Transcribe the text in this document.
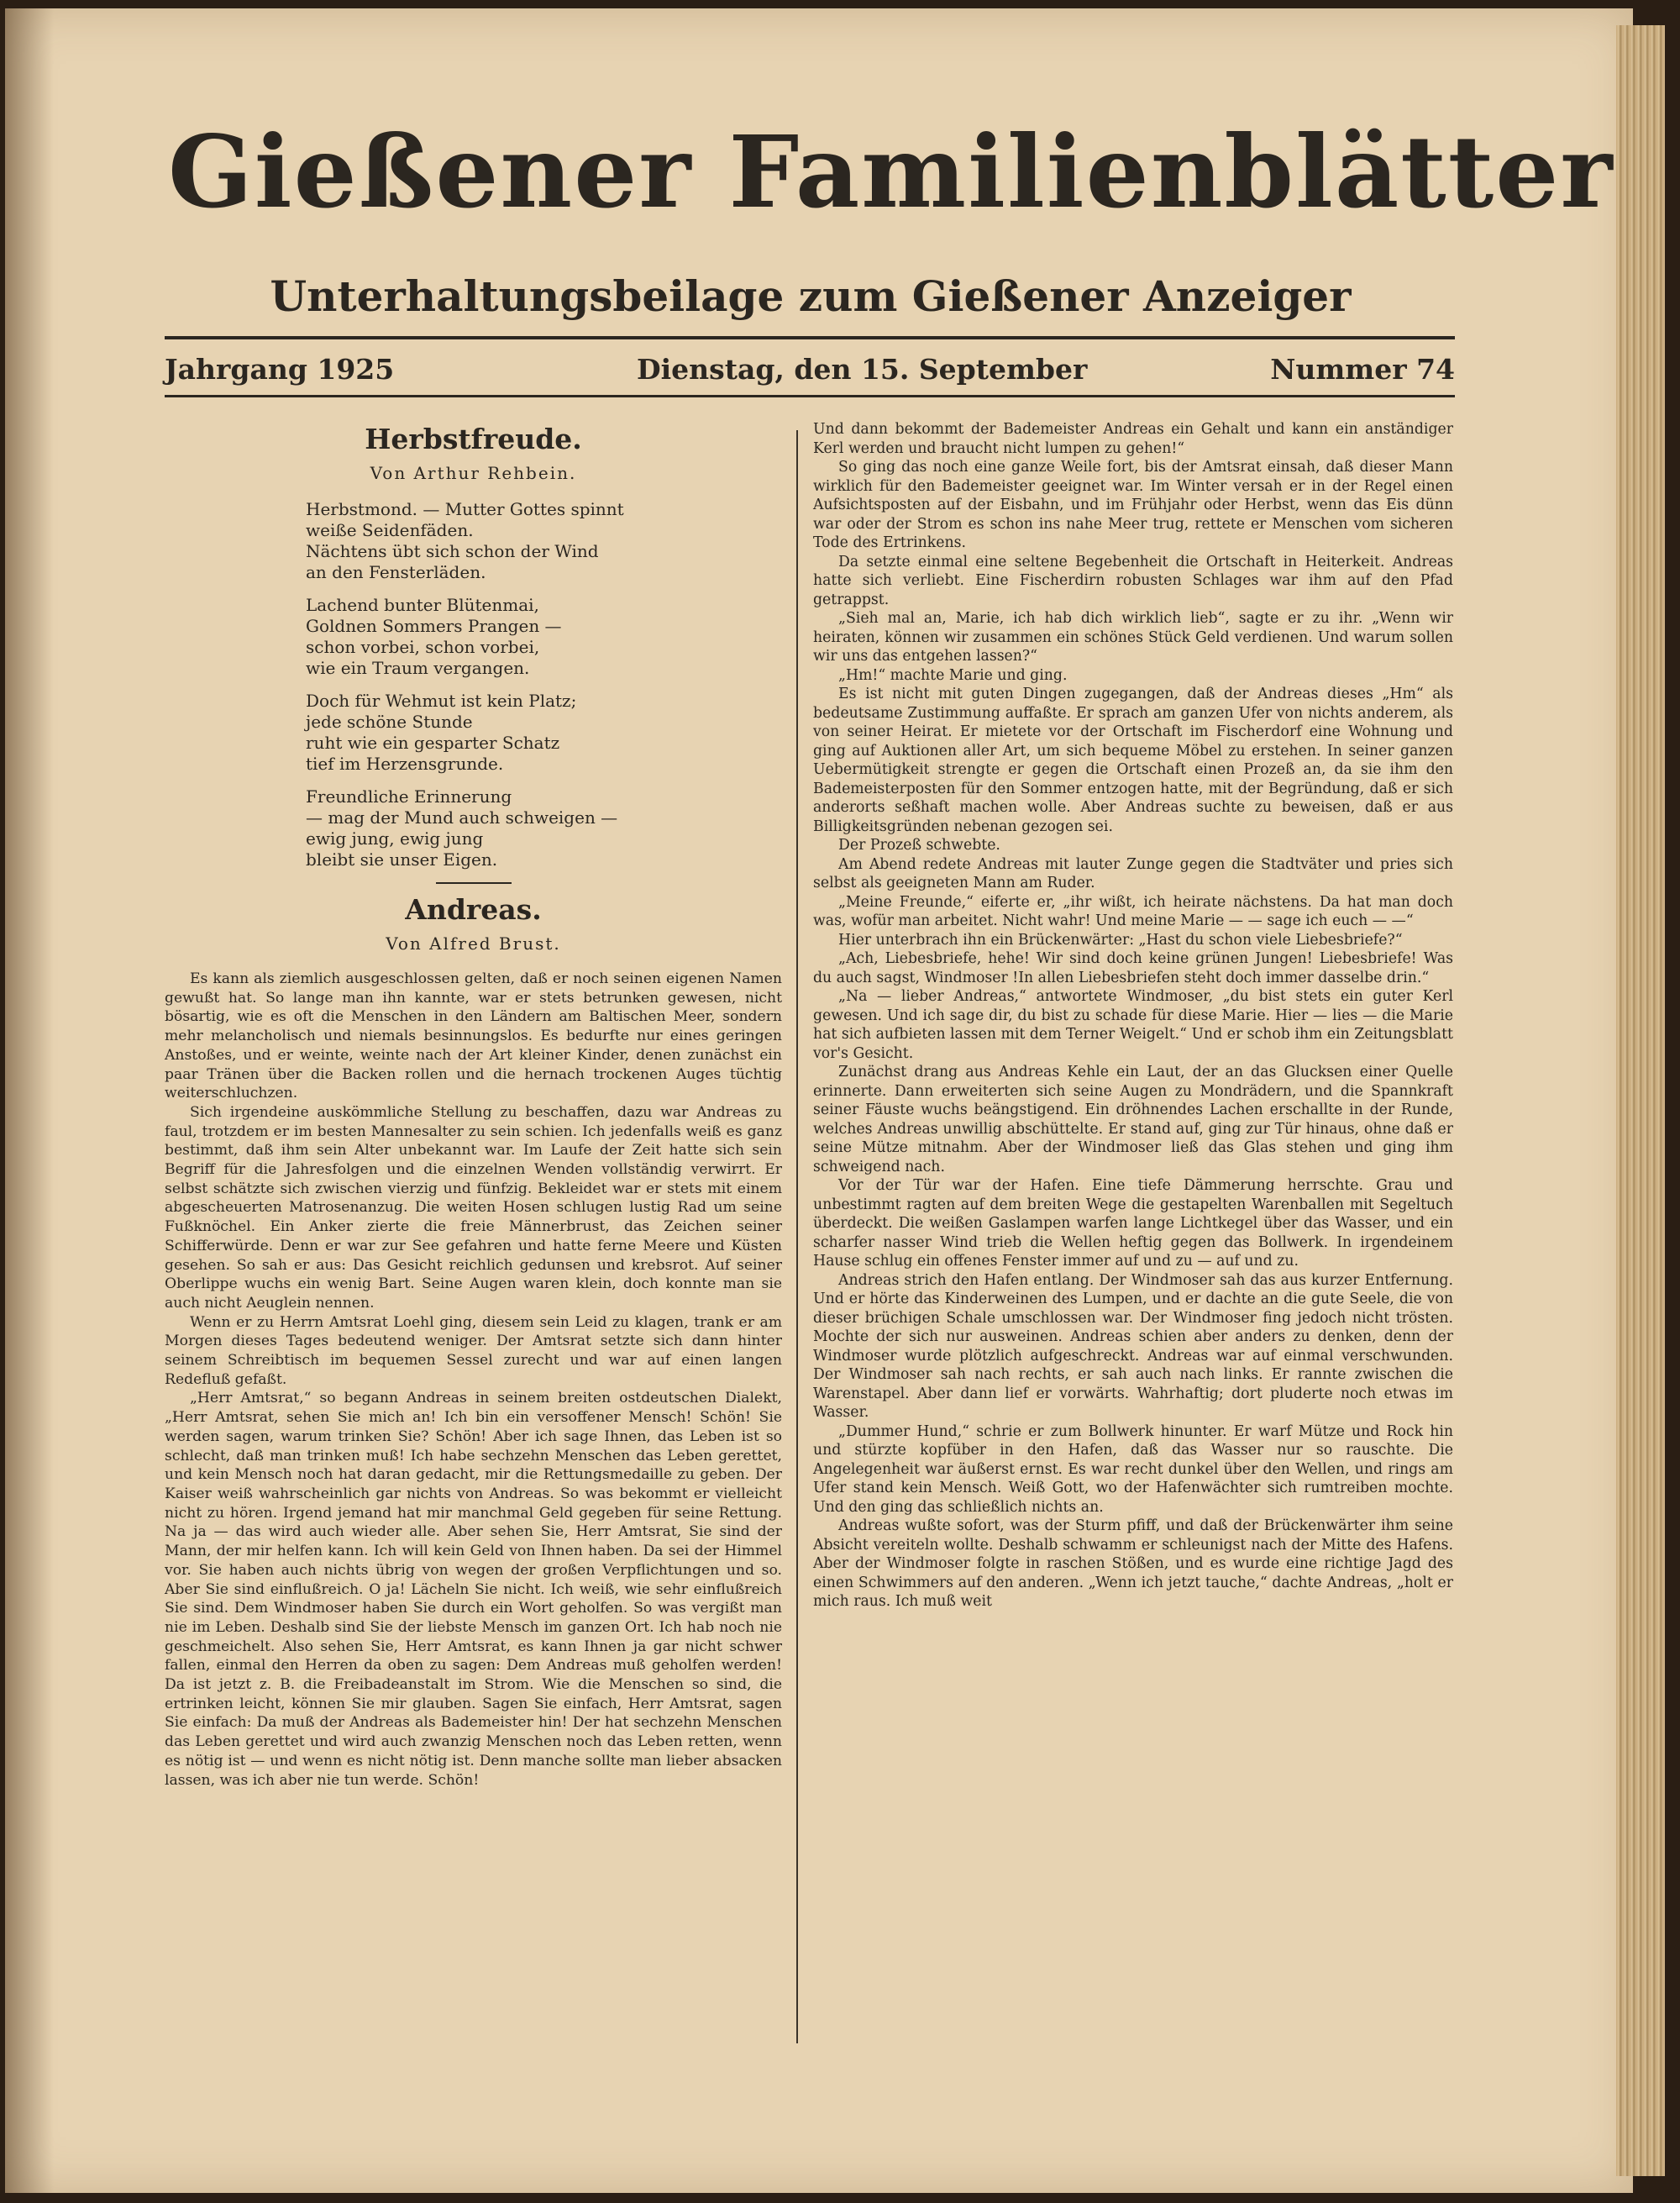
Gießener Familienblätter
Unterhaltungsbeilage zum Gießener Anzeiger
Jahrgang 1925	Dienstag, den 15. September	Nummer 74
Herbstfreude.
Von Arthur Rehbein.
Herbstmond. — Mutter Gottes spinnt
weiße Seidenfäden.
Nächtens übt sich schon der Wind
an den Fensterläden.
Lachend bunter Blütenmai,
Goldnen Sommers Prangen —
schon vorbei, schon vorbei,
wie ein Traum vergangen.
Doch für Wehmut ist kein Platz;
jede schöne Stunde
ruht wie ein gesparter Schatz
tief im Herzensgrunde.
Freundliche Erinnerung
— mag der Mund auch schweigen —
ewig jung, ewig jung
bleibt sie unser Eigen.
Andreas.
Von Alfred Brust.

Es kann als ziemlich ausgeschlossen gelten, daß er noch seinen eigenen Namen gewußt hat. So lange man ihn kannte, war er stets betrunken gewesen, nicht bösartig, wie es oft die Menschen in den Ländern am Baltischen Meer, sondern mehr melancholisch und niemals besinnungslos. Es bedurfte nur eines geringen Anstoßes, und er weinte, weinte nach der Art kleiner Kinder, denen zunächst ein paar Tränen über die Backen rollen und die hernach trockenen Auges tüchtig weiterschluchzen.

Sich irgendeine auskömmliche Stellung zu beschaffen, dazu war Andreas zu faul, trotzdem er im besten Mannesalter zu sein schien. Ich jedenfalls weiß es ganz bestimmt, daß ihm sein Alter unbekannt war. Im Laufe der Zeit hatte sich sein Begriff für die Jahresfolgen und die einzelnen Wenden vollständig verwirrt. Er selbst schätzte sich zwischen vierzig und fünfzig. Bekleidet war er stets mit einem abgescheuerten Matrosenanzug. Die weiten Hosen schlugen lustig Rad um seine Fußknöchel. Ein Anker zierte die freie Männerbrust, das Zeichen seiner Schifferwürde. Denn er war zur See gefahren und hatte ferne Meere und Küsten gesehen. So sah er aus: Das Gesicht reichlich gedunsen und krebsrot. Auf seiner Oberlippe wuchs ein wenig Bart. Seine Augen waren klein, doch konnte man sie auch nicht Aeuglein nennen.

Wenn er zu Herrn Amtsrat Loehl ging, diesem sein Leid zu klagen, trank er am Morgen dieses Tages bedeutend weniger. Der Amtsrat setzte sich dann hinter seinem Schreibtisch im bequemen Sessel zurecht und war auf einen langen Redefluß gefaßt.

„Herr Amtsrat,“ so begann Andreas in seinem breiten ostdeutschen Dialekt, „Herr Amtsrat, sehen Sie mich an! Ich bin ein versoffener Mensch! Schön! Sie werden sagen, warum trinken Sie? Schön! Aber ich sage Ihnen, das Leben ist so schlecht, daß man trinken muß! Ich habe sechzehn Menschen das Leben gerettet, und kein Mensch noch hat daran gedacht, mir die Rettungsmedaille zu geben. Der Kaiser weiß wahrscheinlich gar nichts von Andreas. So was bekommt er vielleicht nicht zu hören. Irgend jemand hat mir manchmal Geld gegeben für seine Rettung. Na ja — das wird auch wieder alle. Aber sehen Sie, Herr Amtsrat, Sie sind der Mann, der mir helfen kann. Ich will kein Geld von Ihnen haben. Da sei der Himmel vor. Sie haben auch nichts übrig von wegen der großen Verpflichtungen und so. Aber Sie sind einflußreich. O ja! Lächeln Sie nicht. Ich weiß, wie sehr einflußreich Sie sind. Dem Windmoser haben Sie durch ein Wort geholfen. So was vergißt man nie im Leben. Deshalb sind Sie der liebste Mensch im ganzen Ort. Ich hab noch nie geschmeichelt. Also sehen Sie, Herr Amtsrat, es kann Ihnen ja gar nicht schwer fallen, einmal den Herren da oben zu sagen: Dem Andreas muß geholfen werden! Da ist jetzt z. B. die Freibadeanstalt im Strom. Wie die Menschen so sind, die ertrinken leicht, können Sie mir glauben. Sagen Sie einfach, Herr Amtsrat, sagen Sie einfach: Da muß der Andreas als Bademeister hin! Der hat sechzehn Menschen das Leben gerettet und wird auch zwanzig Menschen noch das Leben retten, wenn es nötig ist — und wenn es nicht nötig ist. Denn manche sollte man lieber absacken lassen, was ich aber nie tun werde. Schön!

Und dann bekommt der Bademeister Andreas ein Gehalt und kann ein anständiger Kerl werden und braucht nicht lumpen zu gehen!“

So ging das noch eine ganze Weile fort, bis der Amtsrat einsah, daß dieser Mann wirklich für den Bademeister geeignet war. Im Winter versah er in der Regel einen Aufsichtsposten auf der Eisbahn, und im Frühjahr oder Herbst, wenn das Eis dünn war oder der Strom es schon ins nahe Meer trug, rettete er Menschen vom sicheren Tode des Ertrinkens.

Da setzte einmal eine seltene Begebenheit die Ortschaft in Heiterkeit. Andreas hatte sich verliebt. Eine Fischerdirn robusten Schlages war ihm auf den Pfad getrappst.

„Sieh mal an, Marie, ich hab dich wirklich lieb“, sagte er zu ihr. „Wenn wir heiraten, können wir zusammen ein schönes Stück Geld verdienen. Und warum sollen wir uns das entgehen lassen?“

„Hm!“ machte Marie und ging.

Es ist nicht mit guten Dingen zugegangen, daß der Andreas dieses „Hm“ als bedeutsame Zustimmung auffaßte. Er sprach am ganzen Ufer von nichts anderem, als von seiner Heirat. Er mietete vor der Ortschaft im Fischerdorf eine Wohnung und ging auf Auktionen aller Art, um sich bequeme Möbel zu erstehen. In seiner ganzen Uebermütigkeit strengte er gegen die Ortschaft einen Prozeß an, da sie ihm den Bademeisterposten für den Sommer entzogen hatte, mit der Begründung, daß er sich anderorts seßhaft machen wolle. Aber Andreas suchte zu beweisen, daß er aus Billigkeitsgründen nebenan gezogen sei.

Der Prozeß schwebte.

Am Abend redete Andreas mit lauter Zunge gegen die Stadtväter und pries sich selbst als geeigneten Mann am Ruder.

„Meine Freunde,“ eiferte er, „ihr wißt, ich heirate nächstens. Da hat man doch was, wofür man arbeitet. Nicht wahr! Und meine Marie — — sage ich euch — —“

Hier unterbrach ihn ein Brückenwärter: „Hast du schon viele Liebesbriefe?“

„Ach, Liebesbriefe, hehe! Wir sind doch keine grünen Jungen! Liebesbriefe! Was du auch sagst, Windmoser !In allen Liebesbriefen steht doch immer dasselbe drin.“

„Na — lieber Andreas,“ antwortete Windmoser, „du bist stets ein guter Kerl gewesen. Und ich sage dir, du bist zu schade für diese Marie. Hier — lies — die Marie hat sich aufbieten lassen mit dem Terner Weigelt.“ Und er schob ihm ein Zeitungsblatt vor's Gesicht.

Zunächst drang aus Andreas Kehle ein Laut, der an das Glucksen einer Quelle erinnerte. Dann erweiterten sich seine Augen zu Mondrädern, und die Spannkraft seiner Fäuste wuchs beängstigend. Ein dröhnendes Lachen erschallte in der Runde, welches Andreas unwillig abschüttelte. Er stand auf, ging zur Tür hinaus, ohne daß er seine Mütze mitnahm. Aber der Windmoser ließ das Glas stehen und ging ihm schweigend nach.

Vor der Tür war der Hafen. Eine tiefe Dämmerung herrschte. Grau und unbestimmt ragten auf dem breiten Wege die gestapelten Warenballen mit Segeltuch überdeckt. Die weißen Gaslampen warfen lange Lichtkegel über das Wasser, und ein scharfer nasser Wind trieb die Wellen heftig gegen das Bollwerk. In irgendeinem Hause schlug ein offenes Fenster immer auf und zu — auf und zu.

Andreas strich den Hafen entlang. Der Windmoser sah das aus kurzer Entfernung. Und er hörte das Kinderweinen des Lumpen, und er dachte an die gute Seele, die von dieser brüchigen Schale umschlossen war. Der Windmoser fing jedoch nicht trösten. Mochte der sich nur ausweinen. Andreas schien aber anders zu denken, denn der Windmoser wurde plötzlich aufgeschreckt. Andreas war auf einmal verschwunden. Der Windmoser sah nach rechts, er sah auch nach links. Er rannte zwischen die Warenstapel. Aber dann lief er vorwärts. Wahrhaftig; dort pluderte noch etwas im Wasser.

„Dummer Hund,“ schrie er zum Bollwerk hinunter. Er warf Mütze und Rock hin und stürzte kopfüber in den Hafen, daß das Wasser nur so rauschte. Die Angelegenheit war äußerst ernst. Es war recht dunkel über den Wellen, und rings am Ufer stand kein Mensch. Weiß Gott, wo der Hafenwächter sich rumtreiben mochte. Und den ging das schließlich nichts an.

Andreas wußte sofort, was der Sturm pfiff, und daß der Brückenwärter ihm seine Absicht vereiteln wollte. Deshalb schwamm er schleunigst nach der Mitte des Hafens. Aber der Windmoser folgte in raschen Stößen, und es wurde eine richtige Jagd des einen Schwimmers auf den anderen. „Wenn ich jetzt tauche,“ dachte Andreas, „holt er mich raus. Ich muß weit
